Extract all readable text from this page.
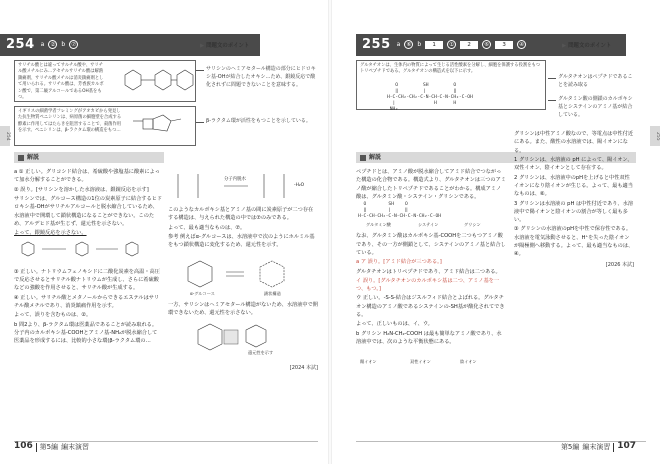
254	a	②	b	⑦	▶ 問題文のポイント
サリチル酸とは違ってサルチル酸や、サリチル酸メチルにみ…アセチルサリチル酸は解熱鎮痛剤、サリチル酸メチルは消炎鎮痛剤として用いられる。サリチル酸は、芳香族カルボン酸で、第二級アルコールであるOH基をもつ。
サリシンのヘミアセタール構造の部分にヒドロキシ基-OHが結合したオキシ…ため、銀鏡反応で酸化されずに問題できないことを意味する。
イギリスの細菌学者フレミングがアオカビから発見した抗生物質ペニシリンは、病原菌の細胞壁を合成する酵素に作用してはたらきを阻害することで、殺菌作用を示す。ペニシリンは、β-ラクタム環の構造をもつ…
β-ラクタム環が活性をもつことを示している。
254
解説

a ① 正しい。グリコシド結合は、希硫酸や強塩基に酸素によって加水分解することができる。

② 誤り。[サリシンを溶かした水溶液は、銀鏡反応を示す]

サリシンでは、グルコース構造の1位の炭素原子に結合するヒドロキシ基-OHがサリチルアルコールと脱水縮合しているため、水溶液中で開環して鎖状構造になることができない。このため、アルデヒド基が生じず、還元性を示さない。

よって、銀鏡反応を示さない。

③ 正しい。ナトリウムフェノキシドに二酸化炭素を高温・高圧で反応させるとサリチル酸ナトリウムが生成し、さらに希硫酸などの強酸を作用させると、サリチル酸が生成する。

④ 正しい。サリチル酸とメタノールからできるエステルはサリチル酸メチルであり、消炎鎮痛作用を示す。

よって、誤りを含むものは、②。

b 問2より、β-ラクタム環は医薬品であることが読み取れる。分子内のカルボキシ基-COOHとアミノ基-NH₂が脱水縮合して医薬品を形成するには、比較的小さな環(β-ラクタム環の…

分子内脱水
-H₂O

このようなカルボキシ基とアミノ基の間に炭素原子が二つ存在する構造は、与えられた構造の中では⑦のみである。

よって、最も適当なものは、⑦。

参考 例えばα-グルコースは、水溶液中で次のようにホルミル基をもつ鎖状構造に変化するため、還元性を示す。

α-グルコース	鎖状構造

一方、サリシンはヘミアセタール構造がないため、水溶液中で開環できないため、還元性を示さない。

還元性を示す
[2024 本試]
106 第5編 編末演習
255	a	⑥	b	1	①	2	⑥	3	④	▶ 問題文のポイント
グルタチオンは、生体内の物質によって生じる活性酸素を分解し、細胞を保護する役割をもつトリペプチドである。グルタチオンの構造式を以下に示す。
O         SH         O
‖         |          ‖
H-C-CH₂-CH₂-C-N-CH-C-N-CH₂-C-OH
|              H      H
NH₂
グルタチオンはペプチドであることを読み取る
グルタミン酸の側鎖のカルボキシ基とシステインのアミノ基が結合している。
255
解説

ペプチドとは、アミノ酸が脱水縮合してアミド結合でつながった構造の化合物である。構造式より、グルタチオンは三つのアミノ酸が縮合したトリペプチドであることがわかる。構成アミノ酸は、グルタミン酸・システイン・グリシンである。

O        SH    O
‖        |     ‖
H-C-CH-CH₂-C-N-CH-C-N-CH₂-C-OH
グルタミン酸	システイン	グリシン

なお、グルタミン酸はカルボキシ基-COOHを二つもつアミノ酸であり、その一方が側鎖として、システインのアミノ基と結合している。

a ア 誤り。[アミド結合が三つある。]

グルタチオンはトリペプチドであり、アミド結合は二つある。

イ 誤り。[グルタチオンのカルボキシ基は二つ、アミノ基を一つ、もつ。]

ウ 正しい。-S-S-結合はジスルフィド結合とよばれる。グルタチオン構造のアミノ酸であるシステインの-SH基が酸化されてできる。

よって、正しいものは、イ、ウ。

b グリシン H₂N-CH₂-COOH は最も簡単なアミノ酸であり、水溶液中では、次のような平衡状態にある。

陽イオン	双性イオン	陰イオン

グリシンは中性アミノ酸なので、等電点は中性付近にある。また、酸性の水溶液では、陽イオンになる。

1 グリシンは、水溶液の pH によって、陽イオン、双性イオン、陰イオンとして存在する。

2 グリシンは、水溶液中のpHを上げると中性双性イオンになり陰イオンが生じる。よって、最も適当なものは、⑥。

3 グリシンは水溶液の pH は中性付近であり、水溶液中で陽イオンと陰イオンの割合が等しく最も多い。

③ グリシンの水溶液のpHを中性で保存性である。水溶液を電気泳動させると、H⁺を失った陰イオンが陽極側へ移動する。よって、最も適当なものは、④。

[2026 本試]
第5編 編末演習 107
